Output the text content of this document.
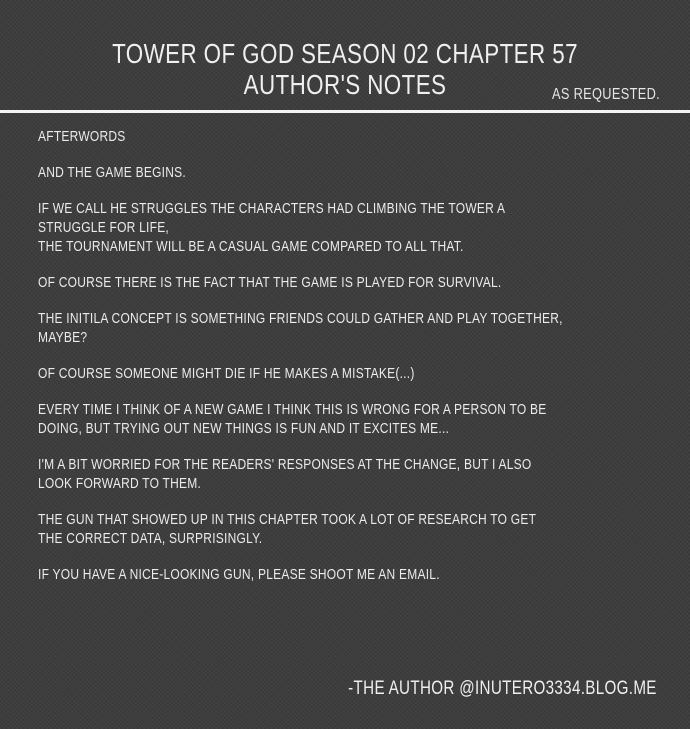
TOWER OF GOD SEASON 02 CHAPTER 57
AUTHOR'S NOTES	AS REQUESTED.

AFTERWORDS

AND THE GAME BEGINS.

IF WE CALL HE STRUGGLES THE CHARACTERS HAD CLIMBING THE TOWER A
STRUGGLE FOR LIFE,
THE TOURNAMENT WILL BE A CASUAL GAME COMPARED TO ALL THAT.

OF COURSE THERE IS THE FACT THAT THE GAME IS PLAYED FOR SURVIVAL.

THE INITILA CONCEPT IS SOMETHING FRIENDS COULD GATHER AND PLAY TOGETHER,
MAYBE?

OF COURSE SOMEONE MIGHT DIE IF HE MAKES A MISTAKE(...)

EVERY TIME I THINK OF A NEW GAME I THINK THIS IS WRONG FOR A PERSON TO BE
DOING, BUT TRYING OUT NEW THINGS IS FUN AND IT EXCITES ME...

I'M A BIT WORRIED FOR THE READERS' RESPONSES AT THE CHANGE, BUT I ALSO
LOOK FORWARD TO THEM.

THE GUN THAT SHOWED UP IN THIS CHAPTER TOOK A LOT OF RESEARCH TO GET
THE CORRECT DATA, SURPRISINGLY.

IF YOU HAVE A NICE-LOOKING GUN, PLEASE SHOOT ME AN EMAIL.

-THE AUTHOR @INUTERO3334.BLOG.ME
